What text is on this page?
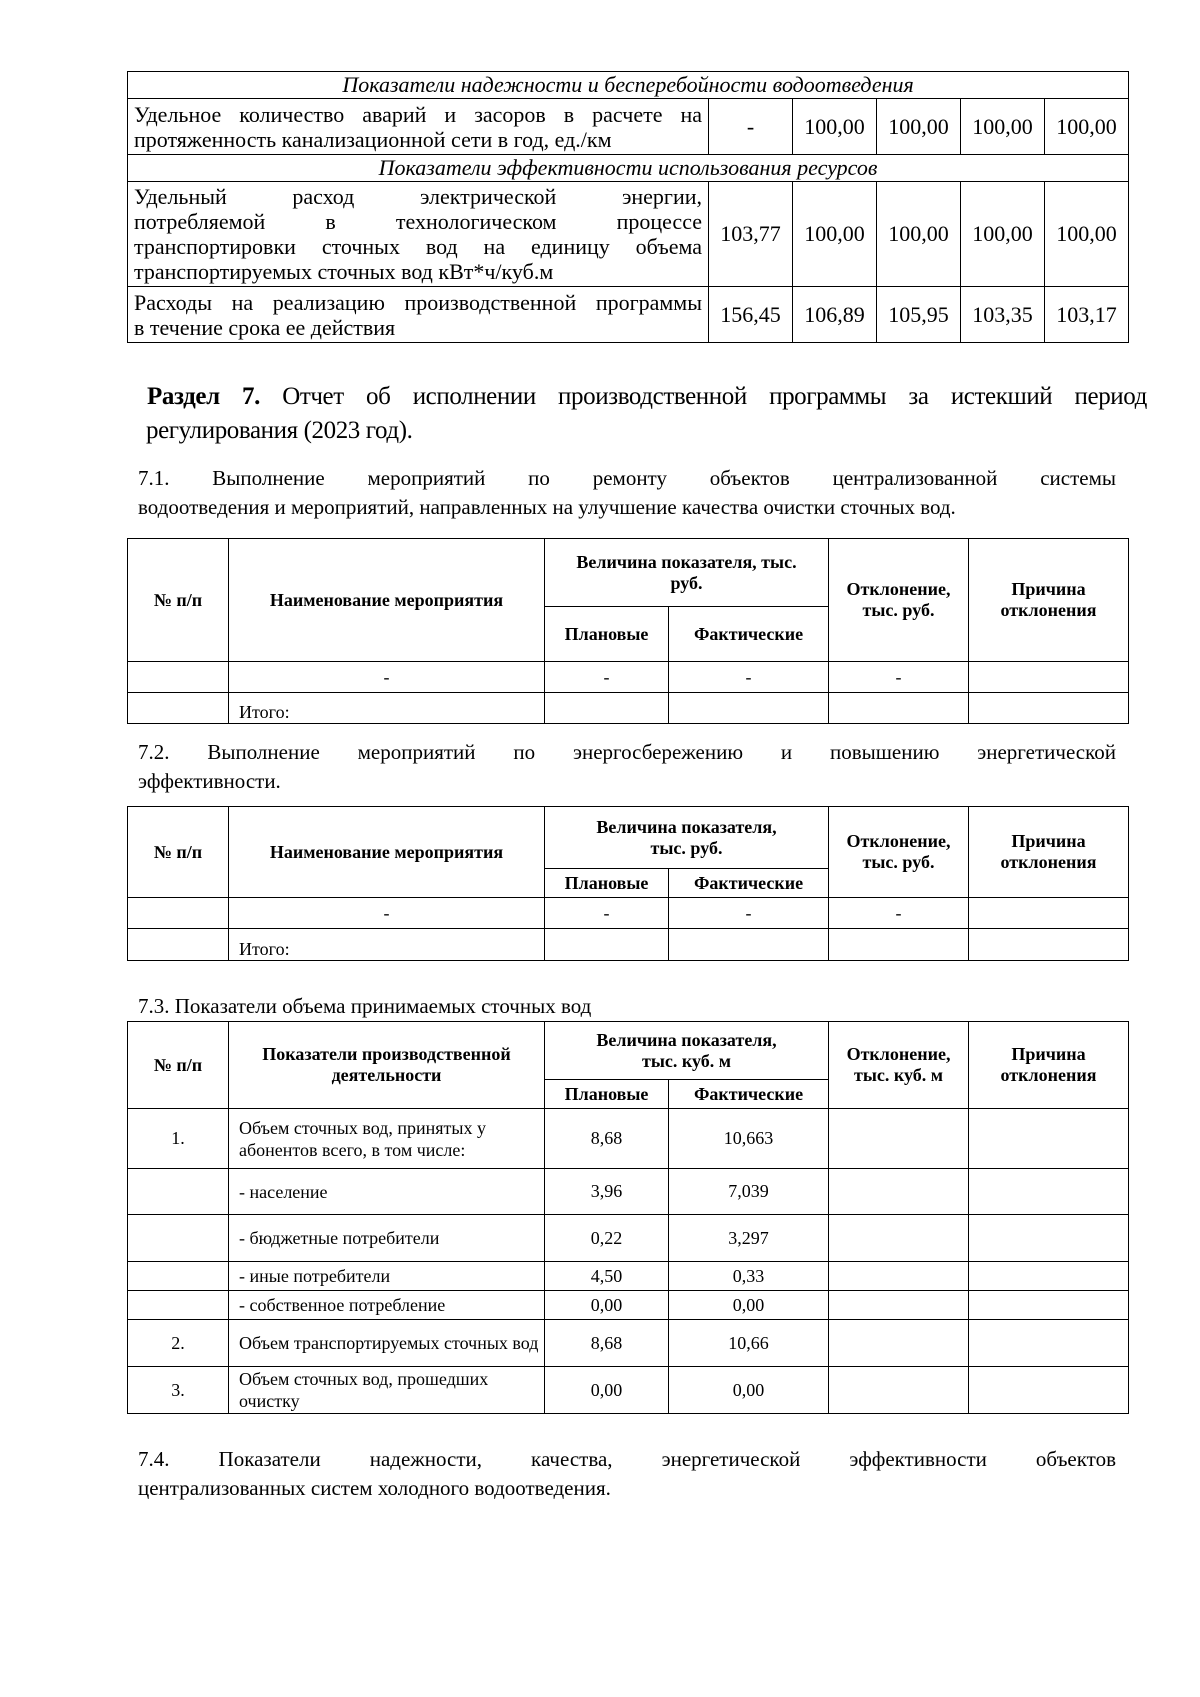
Показатели надежности и бесперебойности водоотведения					

Удельное количество аварий и засоров в расчете на
протяженность канализационной сети в год, ед./км	-	100,00	100,00	100,00	100,00
Показатели эффективности использования ресурсов					

Удельный расход электрической энергии,
потребляемой в технологическом процессе
транспортировки сточных вод на единицу объема
транспортируемых сточных вод кВт*ч/куб.м	103,77	100,00	100,00	100,00	100,00

Расходы на реализацию производственной программы
в течение срока ее действия	156,45	106,89	105,95	103,35	103,17
Раздел 7. Отчет об исполнении производственной программы за истекший период
регулирования (2023 год).
7.1. Выполнение мероприятий по ремонту объектов централизованной системы
водоотведения и мероприятий, направленных на улучшение качества очистки сточных вод.
№ п/п	Наименование мероприятия	Величина показателя, тыс. руб.		Отклонение, тыс. руб.	Причина отклонения
		Плановые	Фактические		
	-	-	-	-	
	Итого:				
7.2. Выполнение мероприятий по энергосбережению и повышению энергетической
эффективности.
№ п/п	Наименование мероприятия	Величина показателя, тыс. руб.		Отклонение, тыс. руб.	Причина отклонения
		Плановые	Фактические		
	-	-	-	-	
	Итого:				
7.3. Показатели объема принимаемых сточных вод
№ п/п	Показатели производственной деятельности	Величина показателя, тыс. куб. м		Отклонение, тыс. куб. м	Причина отклонения
		Плановые	Фактические		
1.	Объем сточных вод, принятых у абонентов всего, в том числе:	8,68	10,663		
	- население	3,96	7,039		
	- бюджетные потребители	0,22	3,297		
	- иные потребители	4,50	0,33		
	- собственное потребление	0,00	0,00		
2.	Объем транспортируемых сточных вод	8,68	10,66		
3.	Объем сточных вод, прошедших очистку	0,00	0,00		
7.4. Показатели надежности, качества, энергетической эффективности объектов
централизованных систем холодного водоотведения.
